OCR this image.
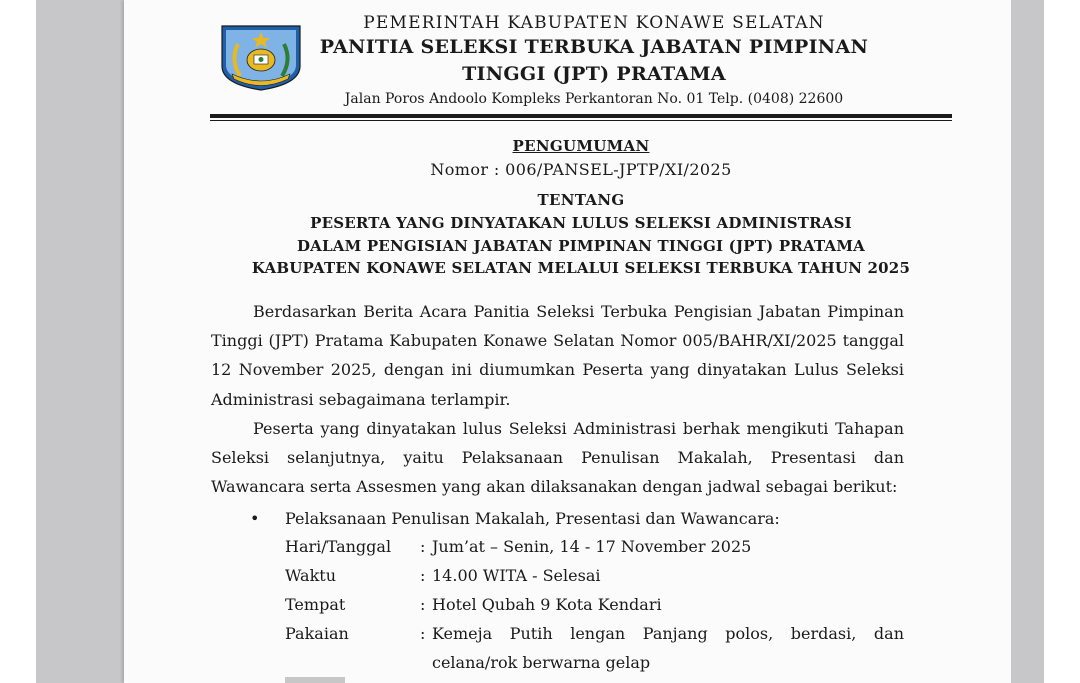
PEMERINTAH KABUPATEN KONAWE SELATAN
PANITIA SELEKSI TERBUKA JABATAN PIMPINAN
TINGGI (JPT) PRATAMA
Jalan Poros Andoolo Kompleks Perkantoran No. 01 Telp. (0408) 22600
PENGUMUMAN
Nomor : 006/PANSEL-JPTP/XI/2025
TENTANG
PESERTA YANG DINYATAKAN LULUS SELEKSI ADMINISTRASI
DALAM PENGISIAN JABATAN PIMPINAN TINGGI (JPT) PRATAMA
KABUPATEN KONAWE SELATAN MELALUI SELEKSI TERBUKA TAHUN 2025
Berdasarkan Berita Acara Panitia Seleksi Terbuka Pengisian Jabatan Pimpinan Tinggi (JPT) Pratama Kabupaten Konawe Selatan Nomor 005/BAHR/XI/2025 tanggal 12 November 2025, dengan ini diumumkan Peserta yang dinyatakan Lulus Seleksi Administrasi sebagaimana terlampir.
Peserta yang dinyatakan lulus Seleksi Administrasi berhak mengikuti Tahapan Seleksi selanjutnya, yaitu Pelaksanaan Penulisan Makalah, Presentasi dan Wawancara serta Assesmen yang akan dilaksanakan dengan jadwal sebagai berikut:
•	Pelaksanaan Penulisan Makalah, Presentasi dan Wawancara:
Hari/Tanggal	: Jum’at – Senin, 14 - 17 November 2025
Waktu	: 14.00 WITA - Selesai
Tempat	: Hotel Qubah 9 Kota Kendari
Pakaian	: Kemeja Putih lengan Panjang polos, berdasi, dan celana/rok berwarna gelap
